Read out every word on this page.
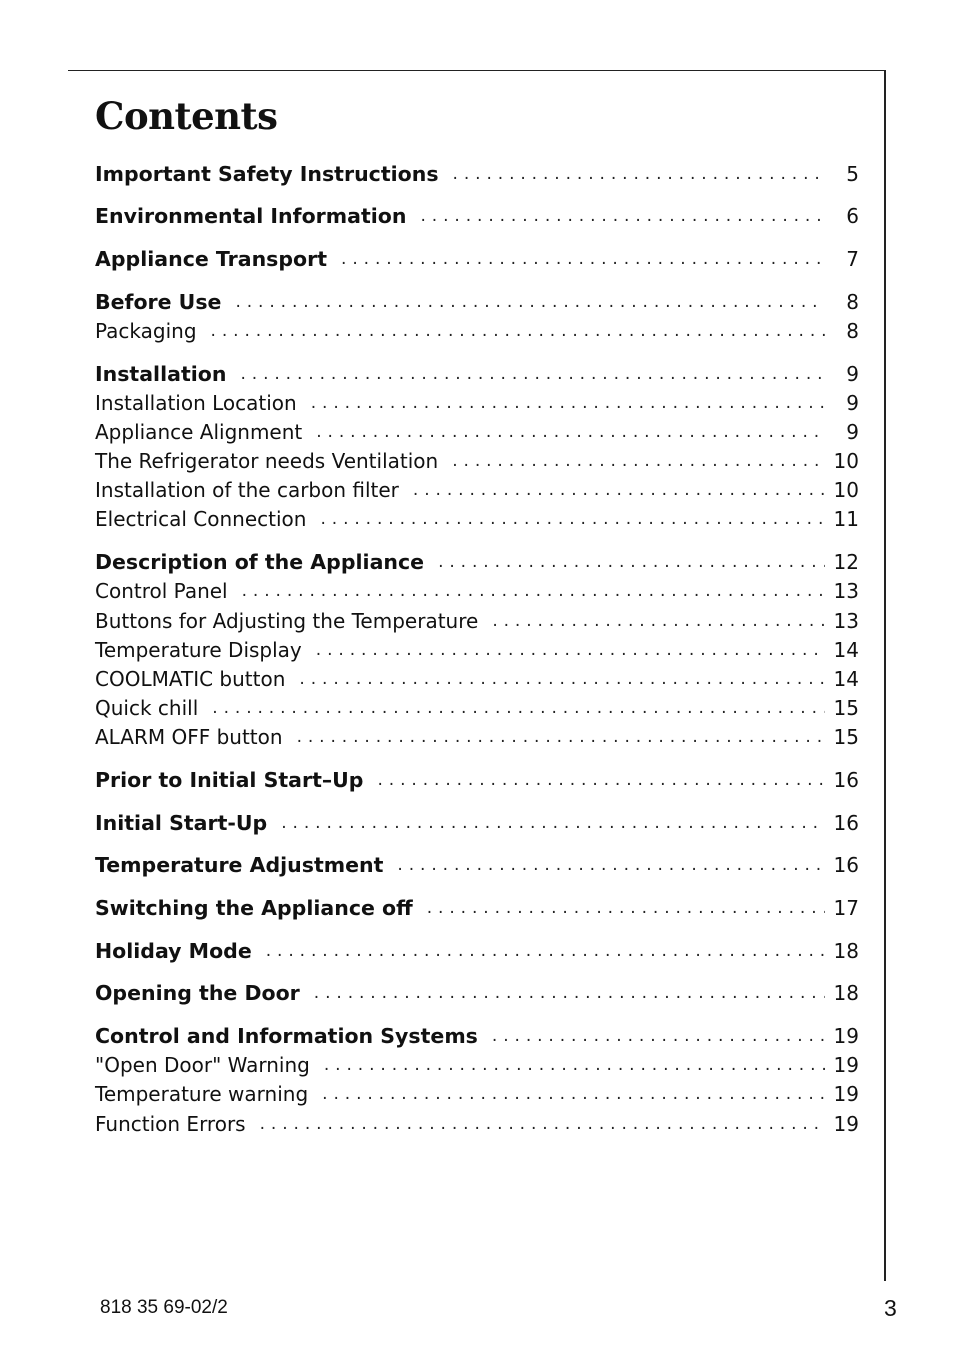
Contents
Important Safety Instructions . . .	5
Environmental Information . . .	6
Appliance Transport . . .	7
Before Use . . .	8
Packaging . . .	8
Installation . . .	9
Installation Location . . .	9
Appliance Alignment . . .	9
The Refrigerator needs Ventilation . . .	10
Installation of the carbon filter . . .	10
Electrical Connection . . .	11
Description of the Appliance . . .	12
Control Panel . . .	13
Buttons for Adjusting the Temperature . . .	13
Temperature Display . . .	14
COOLMATIC button . . .	14
Quick chill . . .	15
ALARM OFF button . . .	15
Prior to Initial Start–Up . . .	16
Initial Start-Up . . .	16
Temperature Adjustment . . .	16
Switching the Appliance off . . .	17
Holiday Mode . . .	18
Opening the Door . . .	18
Control and Information Systems . . .	19
"Open Door" Warning . . .	19
Temperature warning . . .	19
Function Errors . . .	19
818 35 69-02/2	3
